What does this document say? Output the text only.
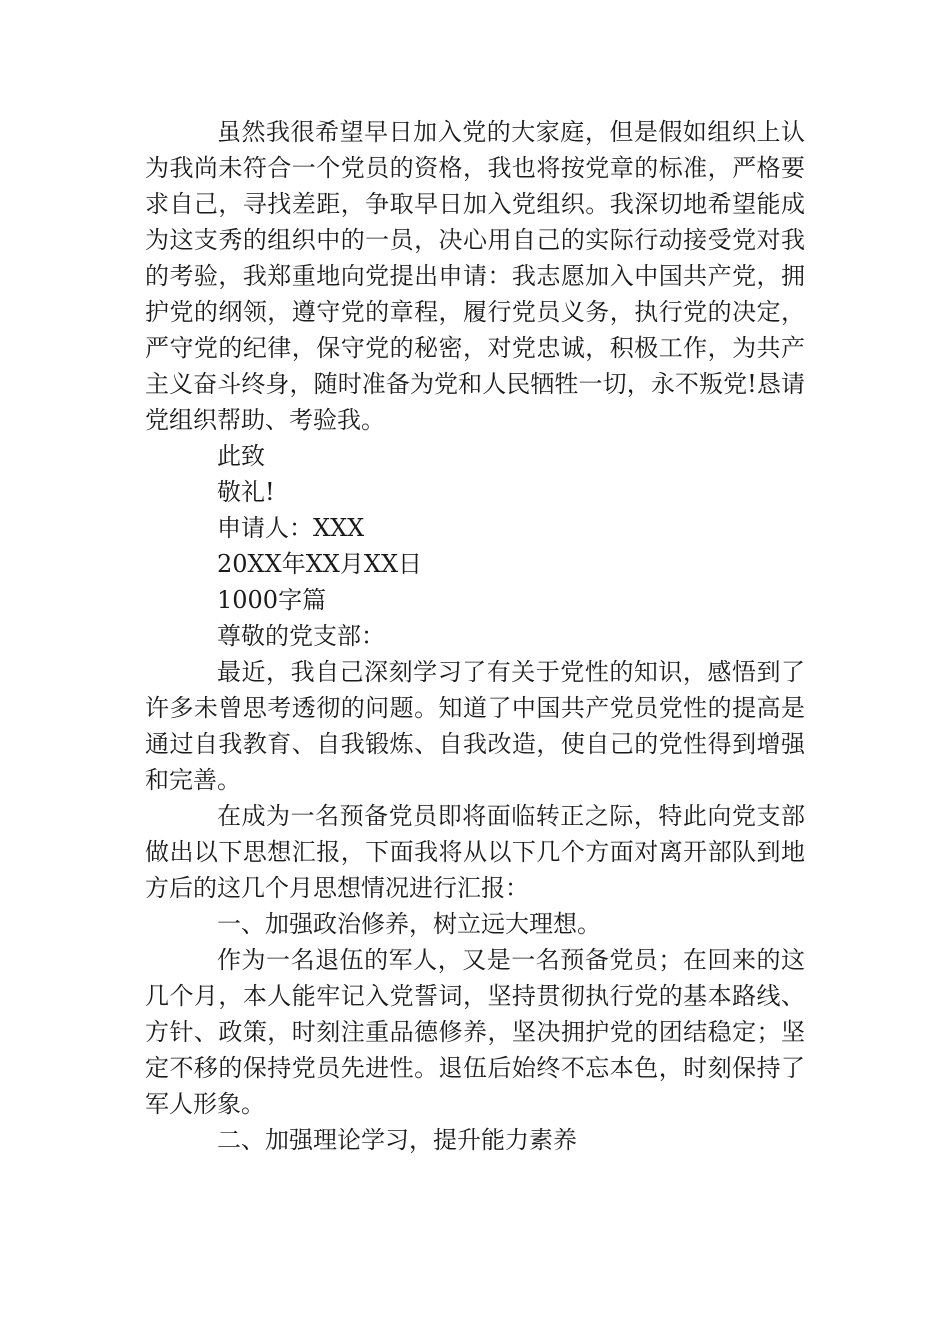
虽然我很希望早日加入党的大家庭，但是假如组织上认为我尚未符合一个党员的资格，我也将按党章的标准，严格要求自己，寻找差距，争取早日加入党组织。我深切地希望能成为这支秀的组织中的一员，决心用自己的实际行动接受党对我的考验，我郑重地向党提出申请：我志愿加入中国共产党，拥护党的纲领，遵守党的章程，履行党员义务，执行党的决定，严守党的纪律，保守党的秘密，对党忠诚，积极工作，为共产主义奋斗终身，随时准备为党和人民牺牲一切，永不叛党!恳请党组织帮助、考验我。

此致

敬礼!

申请人：XXX

20XX年XX月XX日

1000字篇

尊敬的党支部：

最近，我自己深刻学习了有关于党性的知识，感悟到了许多未曾思考透彻的问题。知道了中国共产党员党性的提高是通过自我教育、自我锻炼、自我改造，使自己的党性得到增强和完善。

在成为一名预备党员即将面临转正之际，特此向党支部做出以下思想汇报，下面我将从以下几个方面对离开部队到地方后的这几个月思想情况进行汇报：

一、加强政治修养，树立远大理想。

作为一名退伍的军人，又是一名预备党员；在回来的这几个月，本人能牢记入党誓词，坚持贯彻执行党的基本路线、方针、政策，时刻注重品德修养，坚决拥护党的团结稳定；坚定不移的保持党员先进性。退伍后始终不忘本色，时刻保持了军人形象。

二、加强理论学习，提升能力素养
